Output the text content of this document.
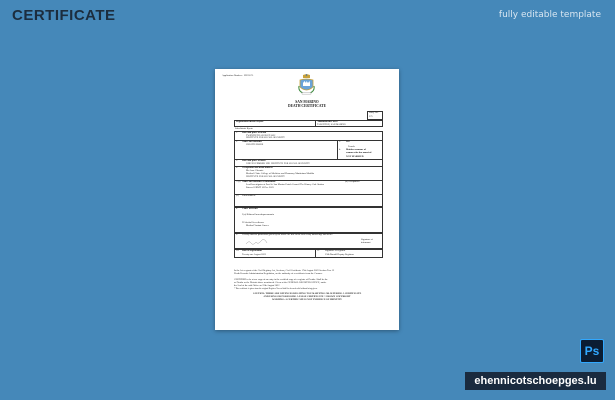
CERTIFICATE	fully editable template
Application Number : 19235575
SAN MARINO
DEATH CERTIFICATE
Entry No.
375
Registration district Kyoto	Administrative area
TALENTON, SAN MARINO
Sub-district Kyoto
1. Date and place of death
TWENTIETH AUGUST 2022
INSTITUTE FOR SOCIAL SECURITY
2. Name and surname
JONATH ELBER
3. Sex
Female
4. Maiden surname of woman who has married
NOT MARRIED
5. Date and place of birth
ONE NOVEMBER 1991 INSTITUTE FOR SOCIAL SECURITY
6. Occupation and usual address
Mr Anne Glemnic
Medical Clinic College of Medicine and Pharmacy Martiniano Matilda
INSTITUTE FOR SOCIAL SECURITY
7.(a) Name and surname of informant	(b) Occupation
Lead Investigator at Post St. San Marino Parish Council The Kinney Gale Station
Entered GBMT 16 Dec 2023
(c) Usual address
8. Cause of Death
I (a) Bilateral bronchopneumonia
II Alcohol liver disease
Medical Variant Cancer
9. I certify that the particulars given by me above are true to the best of my knowledge and belief
Signature of informant
10. Date of registration
Twenty one August 2022
11. Signature of registrar
J McDonald Deputy Registrar
In the 1st or grant of the Civil Registry Act, Sections, Civil Certificate 17th August 2022 Section Two 12
Death Records Administration Regulation, on the authority of a certificate from the Coroner.
CERTIFIED to be a true copy of an entry in the certified copy of a register of Deaths. Shall be the
or Deaths or the District above mentioned. Given at the GENERAL REGISTER OFFICE, under
the Seal of the said Office on 22th August 2022
* This certificate is given from the original Register. No seal shall be deemed valid without being given.
CAUTION: THERE ARE OFFENCES RELATING TO FALSIFYING OR ALTERING A CERTIFICATE
AND USING OR POSSESSING A FALSE CERTIFICATE ©CROWN COPYRIGHT
WARNING: A CERTIFICATE IS NOT EVIDENCE OF IDENTITY
Ps
ehennicotschoepges.lu
